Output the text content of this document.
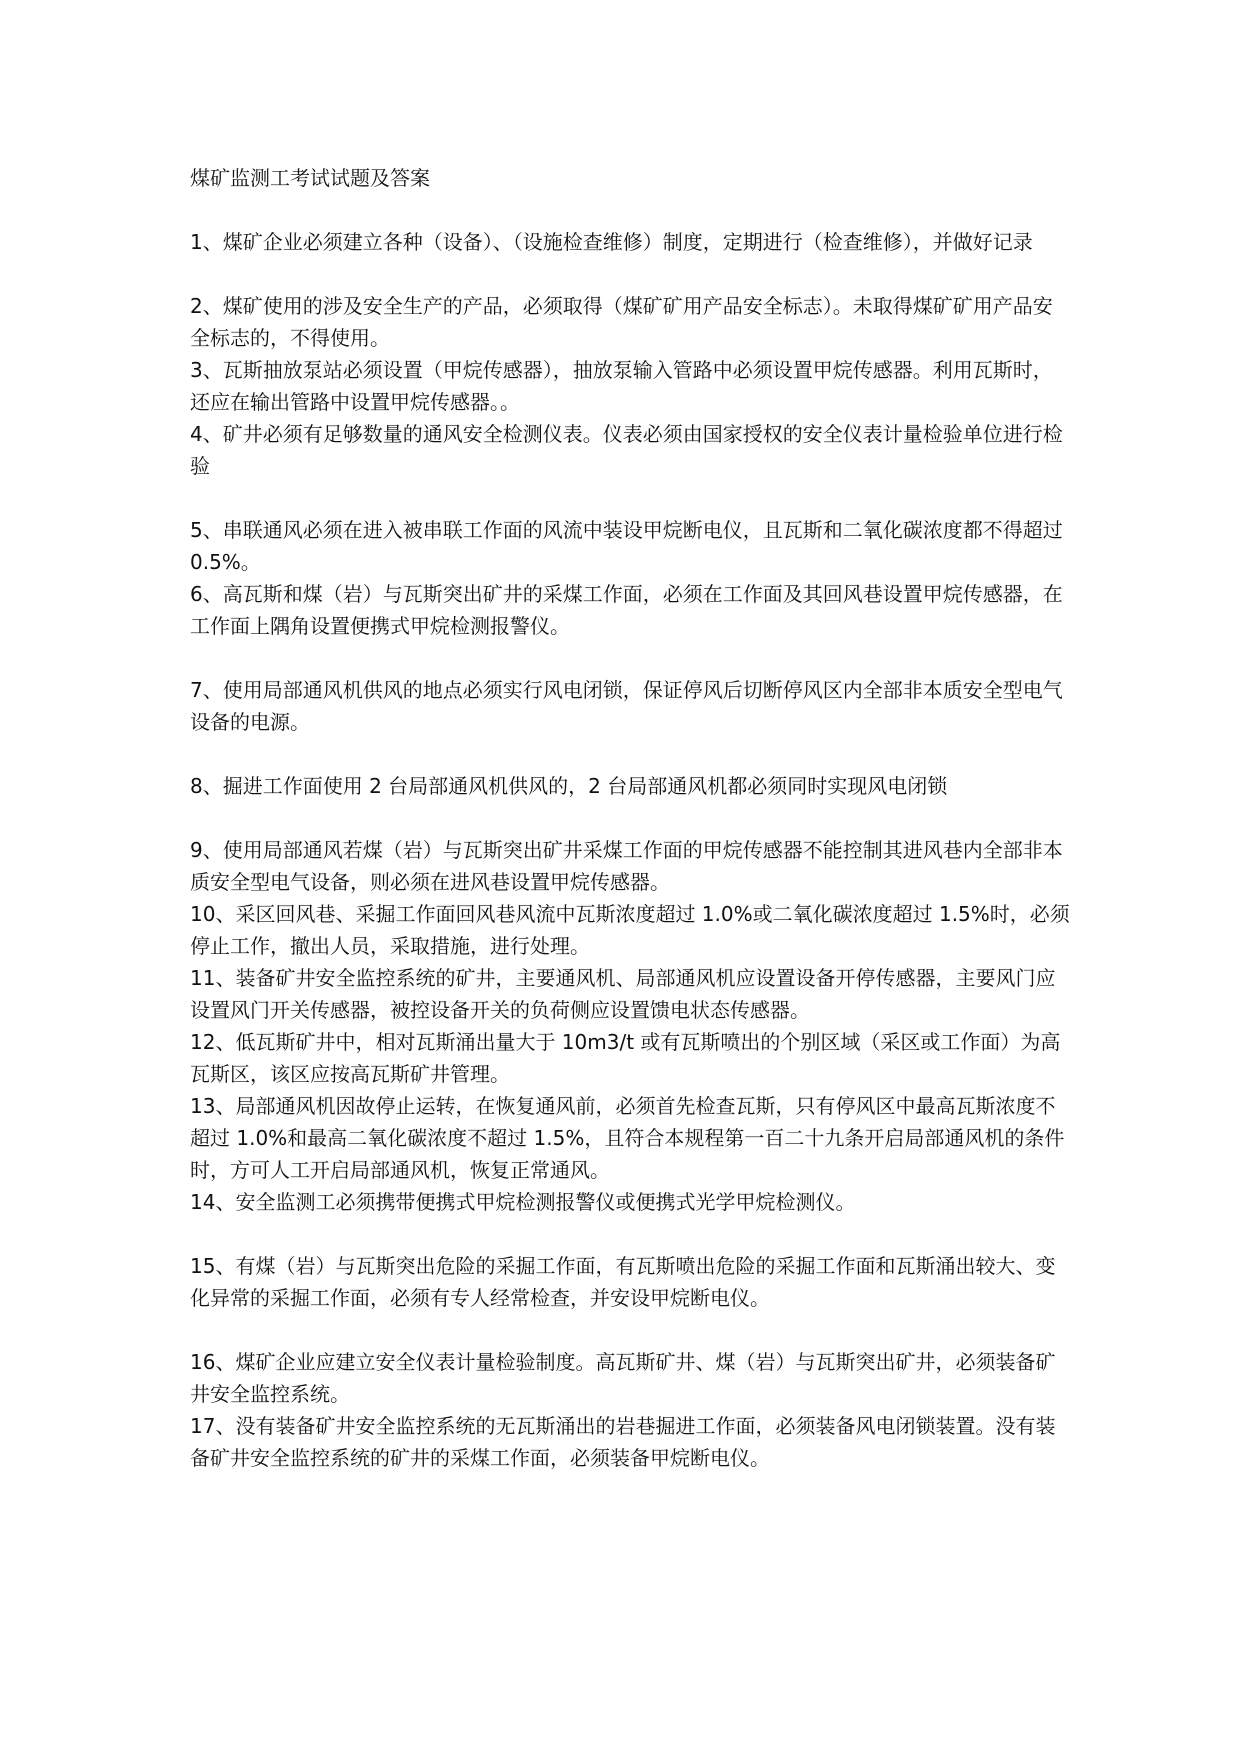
煤矿监测工考试试题及答案

1、煤矿企业必须建立各种（设备）、（设施检查维修）制度，定期进行（检查维修），并做好记录

2、煤矿使用的涉及安全生产的产品，必须取得（煤矿矿用产品安全标志）。未取得煤矿矿用产品安全标志的，不得使用。

3、瓦斯抽放泵站必须设置（甲烷传感器），抽放泵输入管路中必须设置甲烷传感器。利用瓦斯时，还应在输出管路中设置甲烷传感器。。

4、矿井必须有足够数量的通风安全检测仪表。仪表必须由国家授权的安全仪表计量检验单位进行检验

5、串联通风必须在进入被串联工作面的风流中装设甲烷断电仪，且瓦斯和二氧化碳浓度都不得超过 0.5%。

6、高瓦斯和煤（岩）与瓦斯突出矿井的采煤工作面，必须在工作面及其回风巷设置甲烷传感器，在工作面上隅角设置便携式甲烷检测报警仪。

7、使用局部通风机供风的地点必须实行风电闭锁，保证停风后切断停风区内全部非本质安全型电气设备的电源。

8、掘进工作面使用 2 台局部通风机供风的，2 台局部通风机都必须同时实现风电闭锁

9、使用局部通风若煤（岩）与瓦斯突出矿井采煤工作面的甲烷传感器不能控制其进风巷内全部非本质安全型电气设备，则必须在进风巷设置甲烷传感器。

10、采区回风巷、采掘工作面回风巷风流中瓦斯浓度超过 1.0%或二氧化碳浓度超过 1.5%时，必须停止工作，撤出人员，采取措施，进行处理。

11、装备矿井安全监控系统的矿井，主要通风机、局部通风机应设置设备开停传感器，主要风门应设置风门开关传感器，被控设备开关的负荷侧应设置馈电状态传感器。

12、低瓦斯矿井中，相对瓦斯涌出量大于 10m3/t 或有瓦斯喷出的个别区域（采区或工作面）为高瓦斯区，该区应按高瓦斯矿井管理。

13、局部通风机因故停止运转，在恢复通风前，必须首先检查瓦斯，只有停风区中最高瓦斯浓度不超过 1.0%和最高二氧化碳浓度不超过 1.5%，且符合本规程第一百二十九条开启局部通风机的条件时，方可人工开启局部通风机，恢复正常通风。

14、安全监测工必须携带便携式甲烷检测报警仪或便携式光学甲烷检测仪。

15、有煤（岩）与瓦斯突出危险的采掘工作面，有瓦斯喷出危险的采掘工作面和瓦斯涌出较大、变化异常的采掘工作面，必须有专人经常检查，并安设甲烷断电仪。

16、煤矿企业应建立安全仪表计量检验制度。高瓦斯矿井、煤（岩）与瓦斯突出矿井，必须装备矿井安全监控系统。

17、没有装备矿井安全监控系统的无瓦斯涌出的岩巷掘进工作面，必须装备风电闭锁装置。没有装备矿井安全监控系统的矿井的采煤工作面，必须装备甲烷断电仪。
